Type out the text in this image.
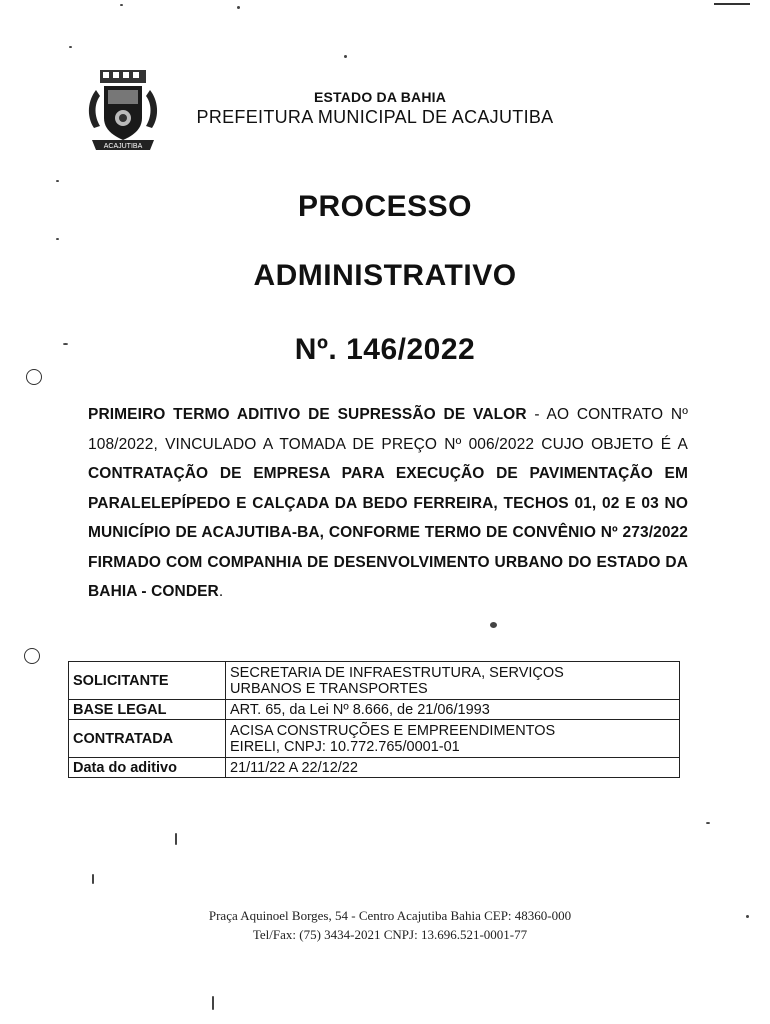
ACAJUTIBA
ESTADO DA BAHIA
PREFEITURA MUNICIPAL DE ACAJUTIBA
PROCESSO
ADMINISTRATIVO
Nº. 146/2022
PRIMEIRO TERMO ADITIVO DE SUPRESSÃO DE VALOR - AO CONTRATO Nº 108/2022, VINCULADO A TOMADA DE PREÇO Nº 006/2022 CUJO OBJETO É A CONTRATAÇÃO DE EMPRESA PARA EXECUÇÃO DE PAVIMENTAÇÃO EM PARALELEPÍPEDO E CALÇADA DA BEDO FERREIRA, TECHOS 01, 02 E 03 NO MUNICÍPIO DE ACAJUTIBA-BA, CONFORME TERMO DE CONVÊNIO Nº 273/2022 FIRMADO COM COMPANHIA DE DESENVOLVIMENTO URBANO DO ESTADO DA BAHIA - CONDER.
SOLICITANTE	SECRETARIA DE INFRAESTRUTURA, SERVIÇOS
URBANOS E TRANSPORTES

BASE LEGAL	ART. 65, da Lei Nº 8.666, de 21/06/1993

CONTRATADA	ACISA CONSTRUÇÕES E EMPREENDIMENTOS
EIRELI, CNPJ: 10.772.765/0001-01

Data do aditivo	21/11/22 A 22/12/22
Praça Aquinoel Borges, 54 - Centro Acajutiba Bahia CEP: 48360-000
Tel/Fax: (75) 3434-2021 CNPJ: 13.696.521-0001-77
